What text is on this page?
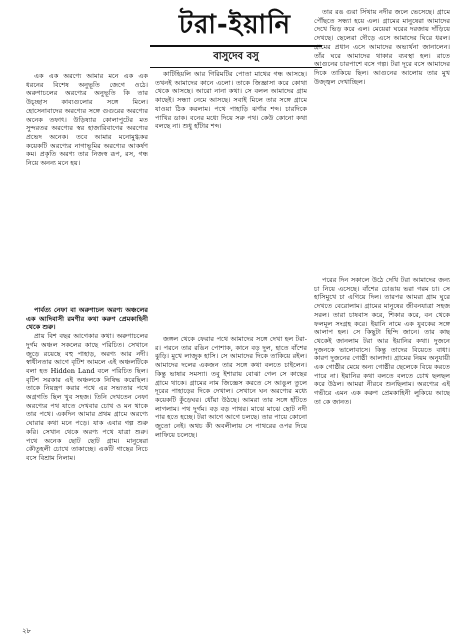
টরা-ইয়ানি
বাসুদেব বসু

এক এক অরণ্যে আমার মনে এক এক ধরনের বিশেষ অনুভূতি জেগে ওঠে। অরুণাচলের অরণ্যের অনুভূতি কি তার উচ্চ্ছাস কাব্যগুলোর সঙ্গে মিলে। হোসেনাবাদের অরণ্যের সঙ্গে গুগুরের অরণ্যের অনেক তফাৎ। উড়িষ্যার কোলাপুটের মত সুন্দরতর অরণ্যের স্বর হাজারিবাগের অরণ্যের প্রভেদ অনেক। তবে আমার মনোমুগ্ধকর কয়েকটি অরণ্যের নাগাভূমির অরণ্যের আকর্ষণ কম। প্রকৃতি অরণ্য তার নিজস্ব রূপ, রস, গন্ধ নিয়ে অনন্য মনে হয়।

পার্বত্য নেফা বা অরুণাচল অরণ্য অঞ্চলের এক আদিবাসী রমণীর কথা করুণ প্রেমকাহিনী থেকে শুরু।

প্রায় বিশ বছর আগেকার কথা। অরুণাচলের দুর্গম অঞ্চল সকলের কাছে পরিচিত। সেখানে জুড়ে রয়েছে বহু পাহাড়, অরণ্য আর নদী। স্বাধীনতার আগে বৃটিশ আমলে এই অঞ্চলটিকে বলা হত Hidden Land বলে পরিচিত ছিল। বৃটিশ সরকার এই অঞ্চলকে নিষিদ্ধ করেছিল। তাকে নিয়ন্ত্রণ করার পথে এর সভ্যতার পথে অগ্রগতি ছিল খুব সহজ। তিনি দেখতেন নেফা অরণ্যের পথ যাতে দেখবার চোখ ও মন থাকে তার পথে। একদিন আমার প্রথম গ্রামে অরণ্যে ঘোরার কথা মনে পড়ে। যাক এবার গল্প শুরু করি। সেখান থেকে অরণ্য পথে যাত্রা শুরু। পথে অনেক ছোট ছোট গ্রাম। মানুষেরা কৌতুহলী চোখে তাকাচ্ছে। একটি গাছের নিচে বসে বিশ্রাম নিলাম।

কাটিহিয়লি আর গিরিমটির পোতা মাথের গন্ধ আসছে। তখনই আমাদের কানে এলো। তাকে জিজ্ঞাসা করে কোথা থেকে আসছে। আরো নানা কথা। সে বলল আমাদের গ্রাম কাছেই। সন্ধ্যা নেমে আসছে। সবাই মিলে তার সঙ্গে গ্রামে যাওয়া ঠিক করলাম। পথে পাহাড়ি ঝর্ণার শব্দ। চারদিকে পাখির ডাক। বনের মধ্যে দিয়ে সরু পথ। কেউ কোনো কথা বলছে না। শুধু হাঁটার শব্দ।

জঙ্গল থেকে ফেরার পথে আমাদের সঙ্গে দেখা হল টরা-র। পরনে তার রঙিন পোশাক, কানে বড় দুল, হাতে বাঁশের ঝুড়ি। মুখে লাজুক হাসি। সে আমাদের দিকে তাকিয়ে রইল। আমাদের দলের একজন তার সঙ্গে কথা বলতে চাইলেন। কিন্তু ভাষার সমস্যা। তবু ইশারায় বোঝা গেল সে কাছের গ্রামে থাকে। গ্রামের নাম জিজ্ঞেস করতে সে আঙুল তুলে দূরের পাহাড়ের দিকে দেখাল। সেখানে ঘন অরণ্যের মধ্যে কয়েকটি কুঁড়েঘর। ধোঁয়া উঠছে। আমরা তার সঙ্গে হাঁটতে লাগলাম। পথ দুর্গম। বড় বড় পাথর। মাঝে মাঝে ছোট নদী পার হতে হচ্ছে। টরা আগে আগে চলছে। তার পায়ে কোনো জুতো নেই। অথচ কী অবলীলায় সে পাথরের ওপর দিয়ে লাফিয়ে চলেছে।

তার রঙ গুরা সিঁথায় নদীর জলে ভেসেছে। গ্রামে পৌঁছতে সন্ধ্যা হয়ে এল। গ্রামের মানুষেরা আমাদের দেখে ভিড় করে এল। মেয়েরা ঘরের দরজায় দাঁড়িয়ে দেখছে। ছেলেরা দৌড়ে এসে আমাদের ঘিরে ধরল। গ্রামের প্রধান এসে আমাদের অভ্যর্থনা জানালেন। তাঁর ঘরে আমাদের থাকার ব্যবস্থা হল। রাতে আগুনের চারপাশে বসে গল্প। টরা দূরে বসে আমাদের দিকে তাকিয়ে ছিল। আগুনের আলোয় তার মুখ উজ্জ্বল দেখাচ্ছিল।

পরের দিন সকালে উঠে দেখি টরা আমাদের জন্য চা নিয়ে এসেছে। বাঁশের চোঙায় ভরা গরম চা। সে হাসিমুখে চা এগিয়ে দিল। তারপর আমরা গ্রাম ঘুরে দেখতে বেরোলাম। গ্রামের মানুষের জীবনযাত্রা সহজ সরল। তারা চাষবাস করে, শিকার করে, বন থেকে ফলমূল সংগ্রহ করে। ইয়ানি নামে এক যুবকের সঙ্গে আলাপ হল। সে কিছুটা হিন্দি জানে। তার কাছ থেকেই জানলাম টরা আর ইয়ানির কথা। দুজনে দুজনকে ভালোবাসে। কিন্তু তাদের বিয়েতে বাধা। কারণ দুজনের গোষ্ঠী আলাদা। গ্রামের নিয়ম অনুযায়ী এক গোষ্ঠীর মেয়ে অন্য গোষ্ঠীর ছেলেকে বিয়ে করতে পারে না। ইয়ানির কথা বলতে বলতে চোখ ছলছল করে উঠল। আমরা নীরবে শুনছিলাম। অরণ্যের এই গভীরে এমন এক করুণ প্রেমকাহিনী লুকিয়ে আছে তা কে জানত।

২৮
